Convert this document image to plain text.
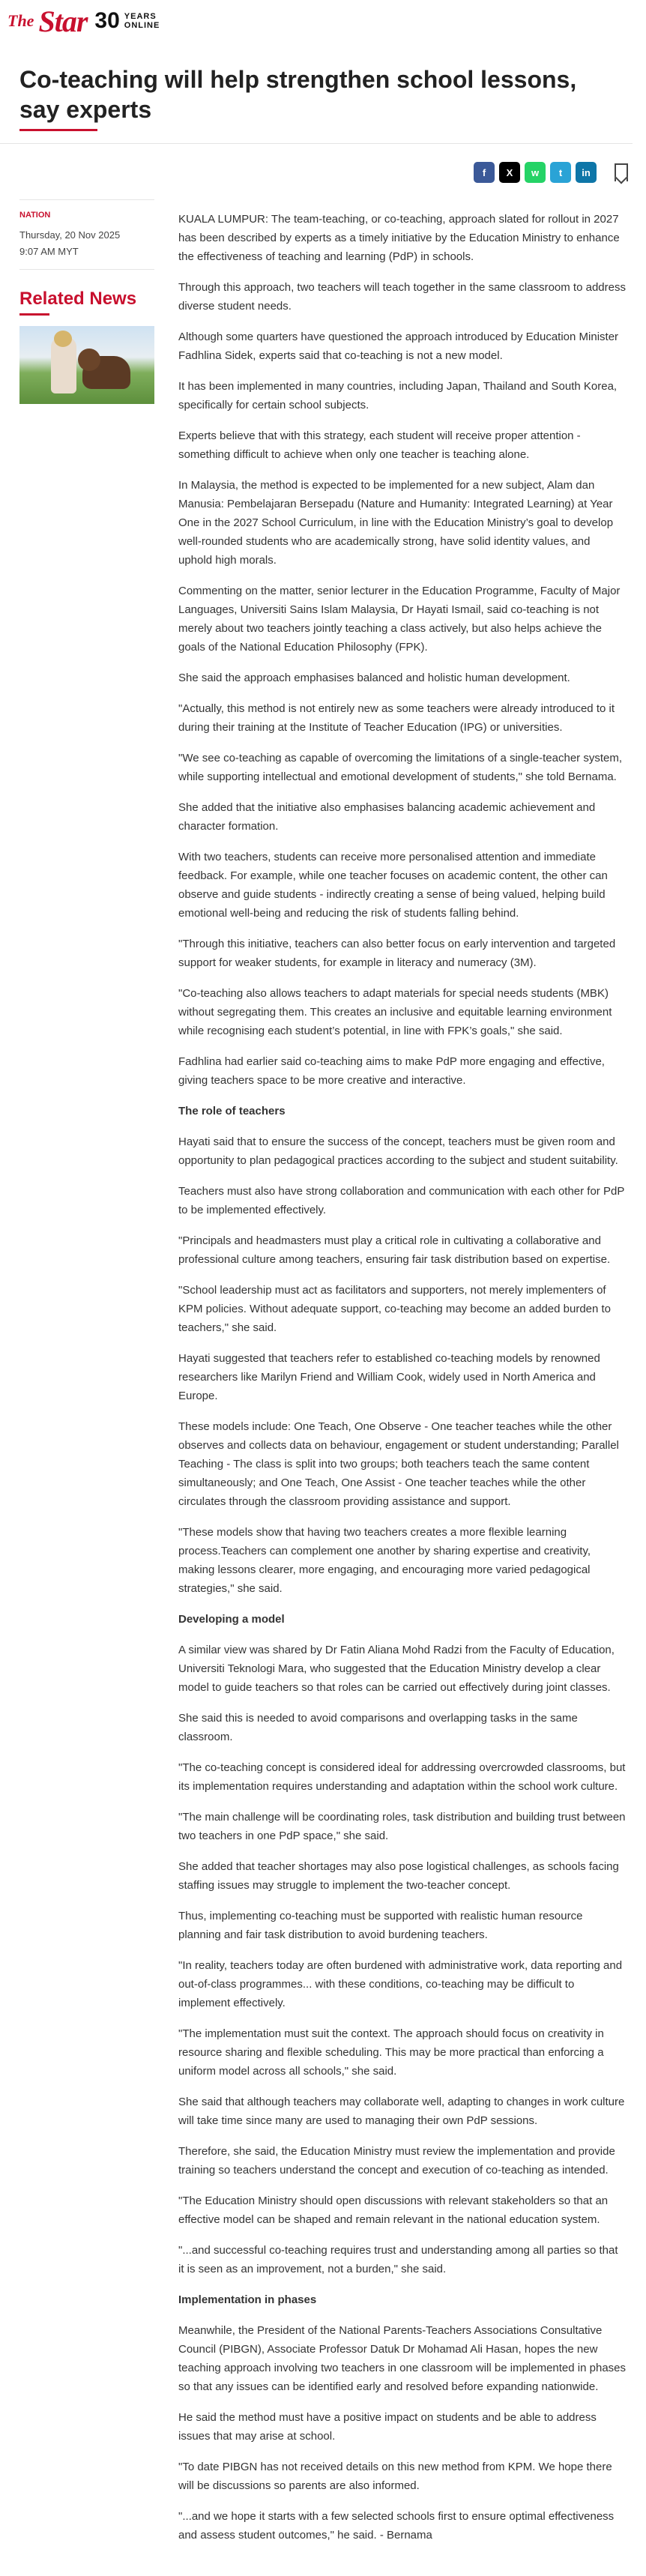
The Star 30 YEARS
ONLINE
Co-teaching will help strengthen school lessons, say experts
f	X	w	t	in
NATION
Thursday, 20 Nov 2025
9:07 AM MYT
Related News

KUALA LUMPUR: The team-teaching, or co-teaching, approach slated for rollout in 2027 has been described by experts as a timely initiative by the Education Ministry to enhance the effectiveness of teaching and learning (PdP) in schools.

Through this approach, two teachers will teach together in the same classroom to address diverse student needs.

Although some quarters have questioned the approach introduced by Education Minister Fadhlina Sidek, experts said that co-teaching is not a new model.

It has been implemented in many countries, including Japan, Thailand and South Korea, specifically for certain school subjects.

Experts believe that with this strategy, each student will receive proper attention - something difficult to achieve when only one teacher is teaching alone.

In Malaysia, the method is expected to be implemented for a new subject, Alam dan Manusia: Pembelajaran Bersepadu (Nature and Humanity: Integrated Learning) at Year One in the 2027 School Curriculum, in line with the Education Ministry’s goal to develop well-rounded students who are academically strong, have solid identity values, and uphold high morals.

Commenting on the matter, senior lecturer in the Education Programme, Faculty of Major Languages, Universiti Sains Islam Malaysia, Dr Hayati Ismail, said co-teaching is not merely about two teachers jointly teaching a class actively, but also helps achieve the goals of the National Education Philosophy (FPK).

She said the approach emphasises balanced and holistic human development.

"Actually, this method is not entirely new as some teachers were already introduced to it during their training at the Institute of Teacher Education (IPG) or universities.

"We see co-teaching as capable of overcoming the limitations of a single-teacher system, while supporting intellectual and emotional development of students," she told Bernama.

She added that the initiative also emphasises balancing academic achievement and character formation.

With two teachers, students can receive more personalised attention and immediate feedback. For example, while one teacher focuses on academic content, the other can observe and guide students - indirectly creating a sense of being valued, helping build emotional well-being and reducing the risk of students falling behind.

"Through this initiative, teachers can also better focus on early intervention and targeted support for weaker students, for example in literacy and numeracy (3M).

"Co-teaching also allows teachers to adapt materials for special needs students (MBK) without segregating them. This creates an inclusive and equitable learning environment while recognising each student’s potential, in line with FPK’s goals," she said.

Fadhlina had earlier said co-teaching aims to make PdP more engaging and effective, giving teachers space to be more creative and interactive.

The role of teachers

Hayati said that to ensure the success of the concept, teachers must be given room and opportunity to plan pedagogical practices according to the subject and student suitability.

Teachers must also have strong collaboration and communication with each other for PdP to be implemented effectively.

"Principals and headmasters must play a critical role in cultivating a collaborative and professional culture among teachers, ensuring fair task distribution based on expertise.

"School leadership must act as facilitators and supporters, not merely implementers of KPM policies. Without adequate support, co-teaching may become an added burden to teachers," she said.

Hayati suggested that teachers refer to established co-teaching models by renowned researchers like Marilyn Friend and William Cook, widely used in North America and Europe.

These models include: One Teach, One Observe - One teacher teaches while the other observes and collects data on behaviour, engagement or student understanding; Parallel Teaching - The class is split into two groups; both teachers teach the same content simultaneously; and One Teach, One Assist - One teacher teaches while the other circulates through the classroom providing assistance and support.

"These models show that having two teachers creates a more flexible learning process.Teachers can complement one another by sharing expertise and creativity, making lessons clearer, more engaging, and encouraging more varied pedagogical strategies," she said.

Developing a model

A similar view was shared by Dr Fatin Aliana Mohd Radzi from the Faculty of Education, Universiti Teknologi Mara, who suggested that the Education Ministry develop a clear model to guide teachers so that roles can be carried out effectively during joint classes.

She said this is needed to avoid comparisons and overlapping tasks in the same classroom.

"The co-teaching concept is considered ideal for addressing overcrowded classrooms, but its implementation requires understanding and adaptation within the school work culture.

"The main challenge will be coordinating roles, task distribution and building trust between two teachers in one PdP space," she said.

She added that teacher shortages may also pose logistical challenges, as schools facing staffing issues may struggle to implement the two-teacher concept.

Thus, implementing co-teaching must be supported with realistic human resource planning and fair task distribution to avoid burdening teachers.

"In reality, teachers today are often burdened with administrative work, data reporting and out-of-class programmes... with these conditions, co-teaching may be difficult to implement effectively.

"The implementation must suit the context. The approach should focus on creativity in resource sharing and flexible scheduling. This may be more practical than enforcing a uniform model across all schools," she said.

She said that although teachers may collaborate well, adapting to changes in work culture will take time since many are used to managing their own PdP sessions.

Therefore, she said, the Education Ministry must review the implementation and provide training so teachers understand the concept and execution of co-teaching as intended.

"The Education Ministry should open discussions with relevant stakeholders so that an effective model can be shaped and remain relevant in the national education system.

"...and successful co-teaching requires trust and understanding among all parties so that it is seen as an improvement, not a burden," she said.

Implementation in phases

Meanwhile, the President of the National Parents-Teachers Associations Consultative Council (PIBGN), Associate Professor Datuk Dr Mohamad Ali Hasan, hopes the new teaching approach involving two teachers in one classroom will be implemented in phases so that any issues can be identified early and resolved before expanding nationwide.

He said the method must have a positive impact on students and be able to address issues that may arise at school.

"To date PIBGN has not received details on this new method from KPM. We hope there will be discussions so parents are also informed.

"...and we hope it starts with a few selected schools first to ensure optimal effectiveness and assess student outcomes," he said. - Bernama
